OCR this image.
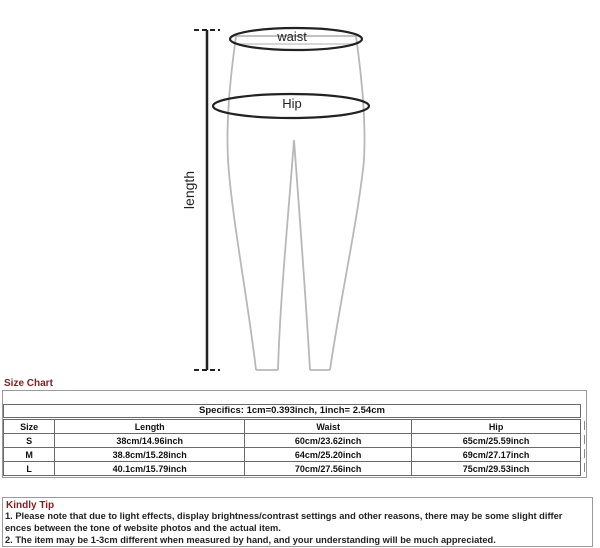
length
waist
Hip
Size Chart
Specifics: 1cm=0.393inch, 1inch= 2.54cm
Size	Length	Waist	Hip
S	38cm/14.96inch	60cm/23.62inch	65cm/25.59inch
M	38.8cm/15.28inch	64cm/25.20inch	69cm/27.17inch
L	40.1cm/15.79inch	70cm/27.56inch	75cm/29.53inch
Kindly Tip
1. Please note that due to light effects, display brightness/contrast settings and other reasons, there may be some slight differ
ences between the tone of website photos and the actual item.
2. The item may be 1-3cm different when measured by hand, and your understanding will be much appreciated.
